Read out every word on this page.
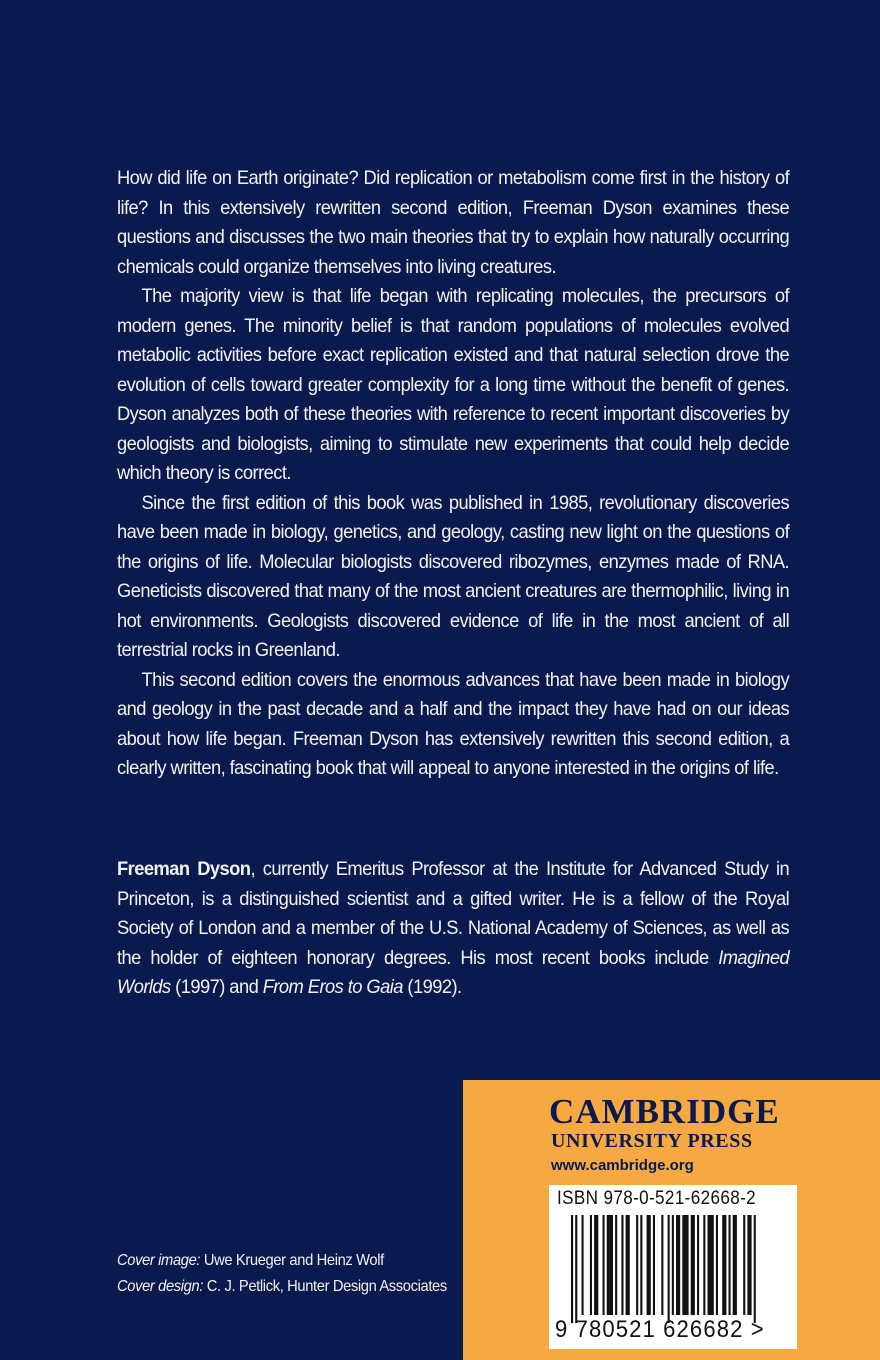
How did life on Earth originate? Did replication or metabolism come first in the history of life? In this extensively rewritten second edition, Freeman Dyson examines these questions and discusses the two main theories that try to explain how naturally occurring chemicals could organize themselves into living creatures.

The majority view is that life began with replicating molecules, the precursors of modern genes. The minority belief is that random populations of molecules evolved metabolic activities before exact replication existed and that natural selection drove the evolution of cells toward greater complexity for a long time without the benefit of genes. Dyson analyzes both of these theories with reference to recent important discoveries by geologists and biologists, aiming to stimulate new experiments that could help decide which theory is correct.

Since the first edition of this book was published in 1985, revolutionary discoveries have been made in biology, genetics, and geology, casting new light on the questions of the origins of life. Molecular biologists discovered ribozymes, enzymes made of RNA. Geneticists discovered that many of the most ancient creatures are thermophilic, living in hot environments. Geologists discovered evidence of life in the most ancient of all terrestrial rocks in Greenland.

This second edition covers the enormous advances that have been made in biology and geology in the past decade and a half and the impact they have had on our ideas about how life began. Freeman Dyson has extensively rewritten this second edition, a clearly written, fascinating book that will appeal to anyone interested in the origins of life.

Freeman Dyson, currently Emeritus Professor at the Institute for Advanced Study in Princeton, is a distinguished scientist and a gifted writer. He is a fellow of the Royal Society of London and a member of the U.S. National Academy of Sciences, as well as the holder of eighteen honorary degrees. His most recent books include Imagined Worlds (1997) and From Eros to Gaia (1992).
Cover image: Uwe Krueger and Heinz Wolf
Cover design: C. J. Petlick, Hunter Design Associates
CAMBRIDGE
UNIVERSITY PRESS
www.cambridge.org
ISBN 978-0-521-62668-2
9 780521 626682 >
